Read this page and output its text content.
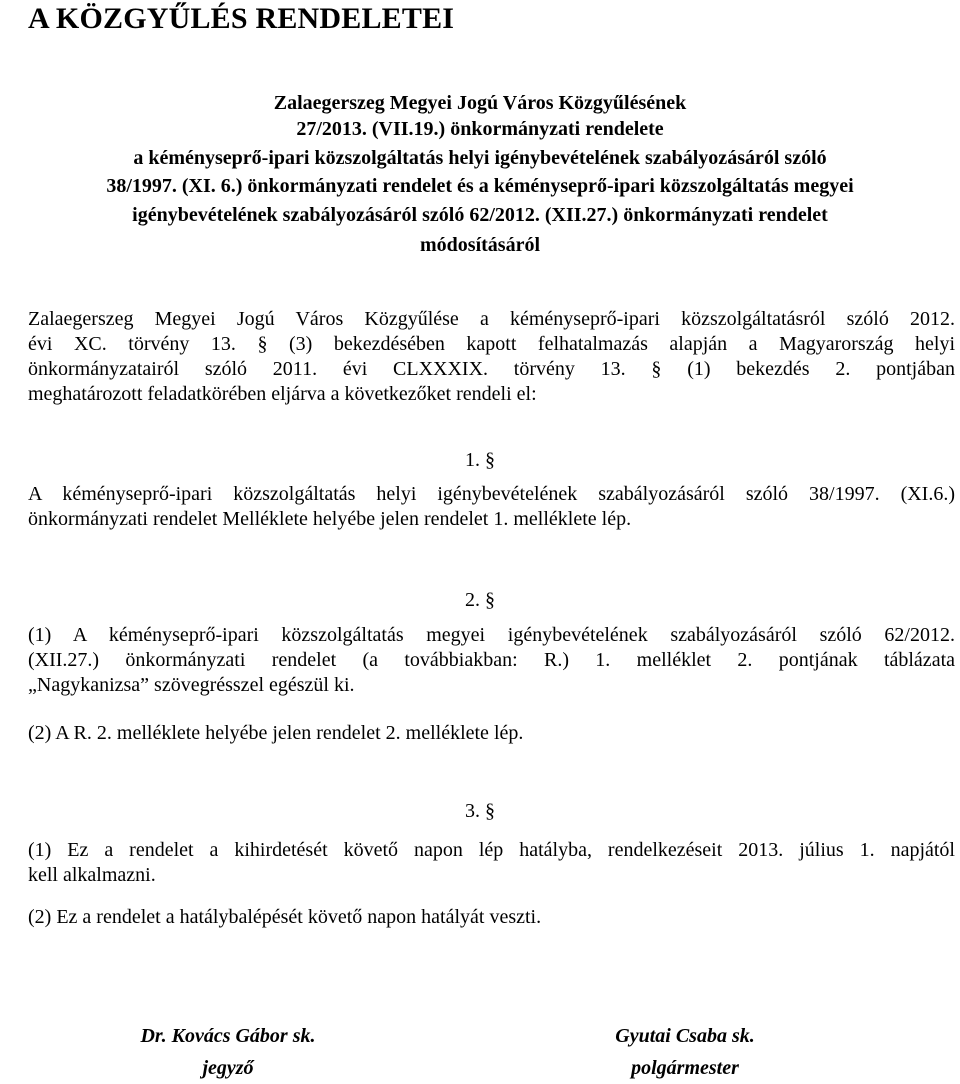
A KÖZGYŰLÉS RENDELETEI
Zalaegerszeg Megyei Jogú Város Közgyűlésének
27/2013. (VII.19.) önkormányzati rendelete
a kéményseprő-ipari közszolgáltatás helyi igénybevételének szabályozásáról szóló
38/1997. (XI. 6.) önkormányzati rendelet és a kéményseprő-ipari közszolgáltatás megyei
igénybevételének szabályozásáról szóló 62/2012. (XII.27.) önkormányzati rendelet
módosításáról
Zalaegerszeg Megyei Jogú Város Közgyűlése a kéményseprő-ipari közszolgáltatásról szóló 2012.
évi XC. törvény 13. § (3) bekezdésében kapott felhatalmazás alapján a Magyarország helyi
önkormányzatairól szóló 2011. évi CLXXXIX. törvény 13. § (1) bekezdés 2. pontjában
meghatározott feladatkörében eljárva a következőket rendeli el:
1. §
A kéményseprő-ipari közszolgáltatás helyi igénybevételének szabályozásáról szóló 38/1997. (XI.6.)
önkormányzati rendelet Melléklete helyébe jelen rendelet 1. melléklete lép.
2. §
(1) A kéményseprő-ipari közszolgáltatás megyei igénybevételének szabályozásáról szóló 62/2012.
(XII.27.) önkormányzati rendelet (a továbbiakban: R.) 1. melléklet 2. pontjának táblázata
„Nagykanizsa” szövegrésszel egészül ki.
(2) A R. 2. melléklete helyébe jelen rendelet 2. melléklete lép.
3. §
(1) Ez a rendelet a kihirdetését követő napon lép hatályba, rendelkezéseit 2013. július 1. napjától
kell alkalmazni.
(2) Ez a rendelet a hatálybalépését követő napon hatályát veszti.
Dr. Kovács Gábor sk.
jegyző
Gyutai Csaba sk.
polgármester
